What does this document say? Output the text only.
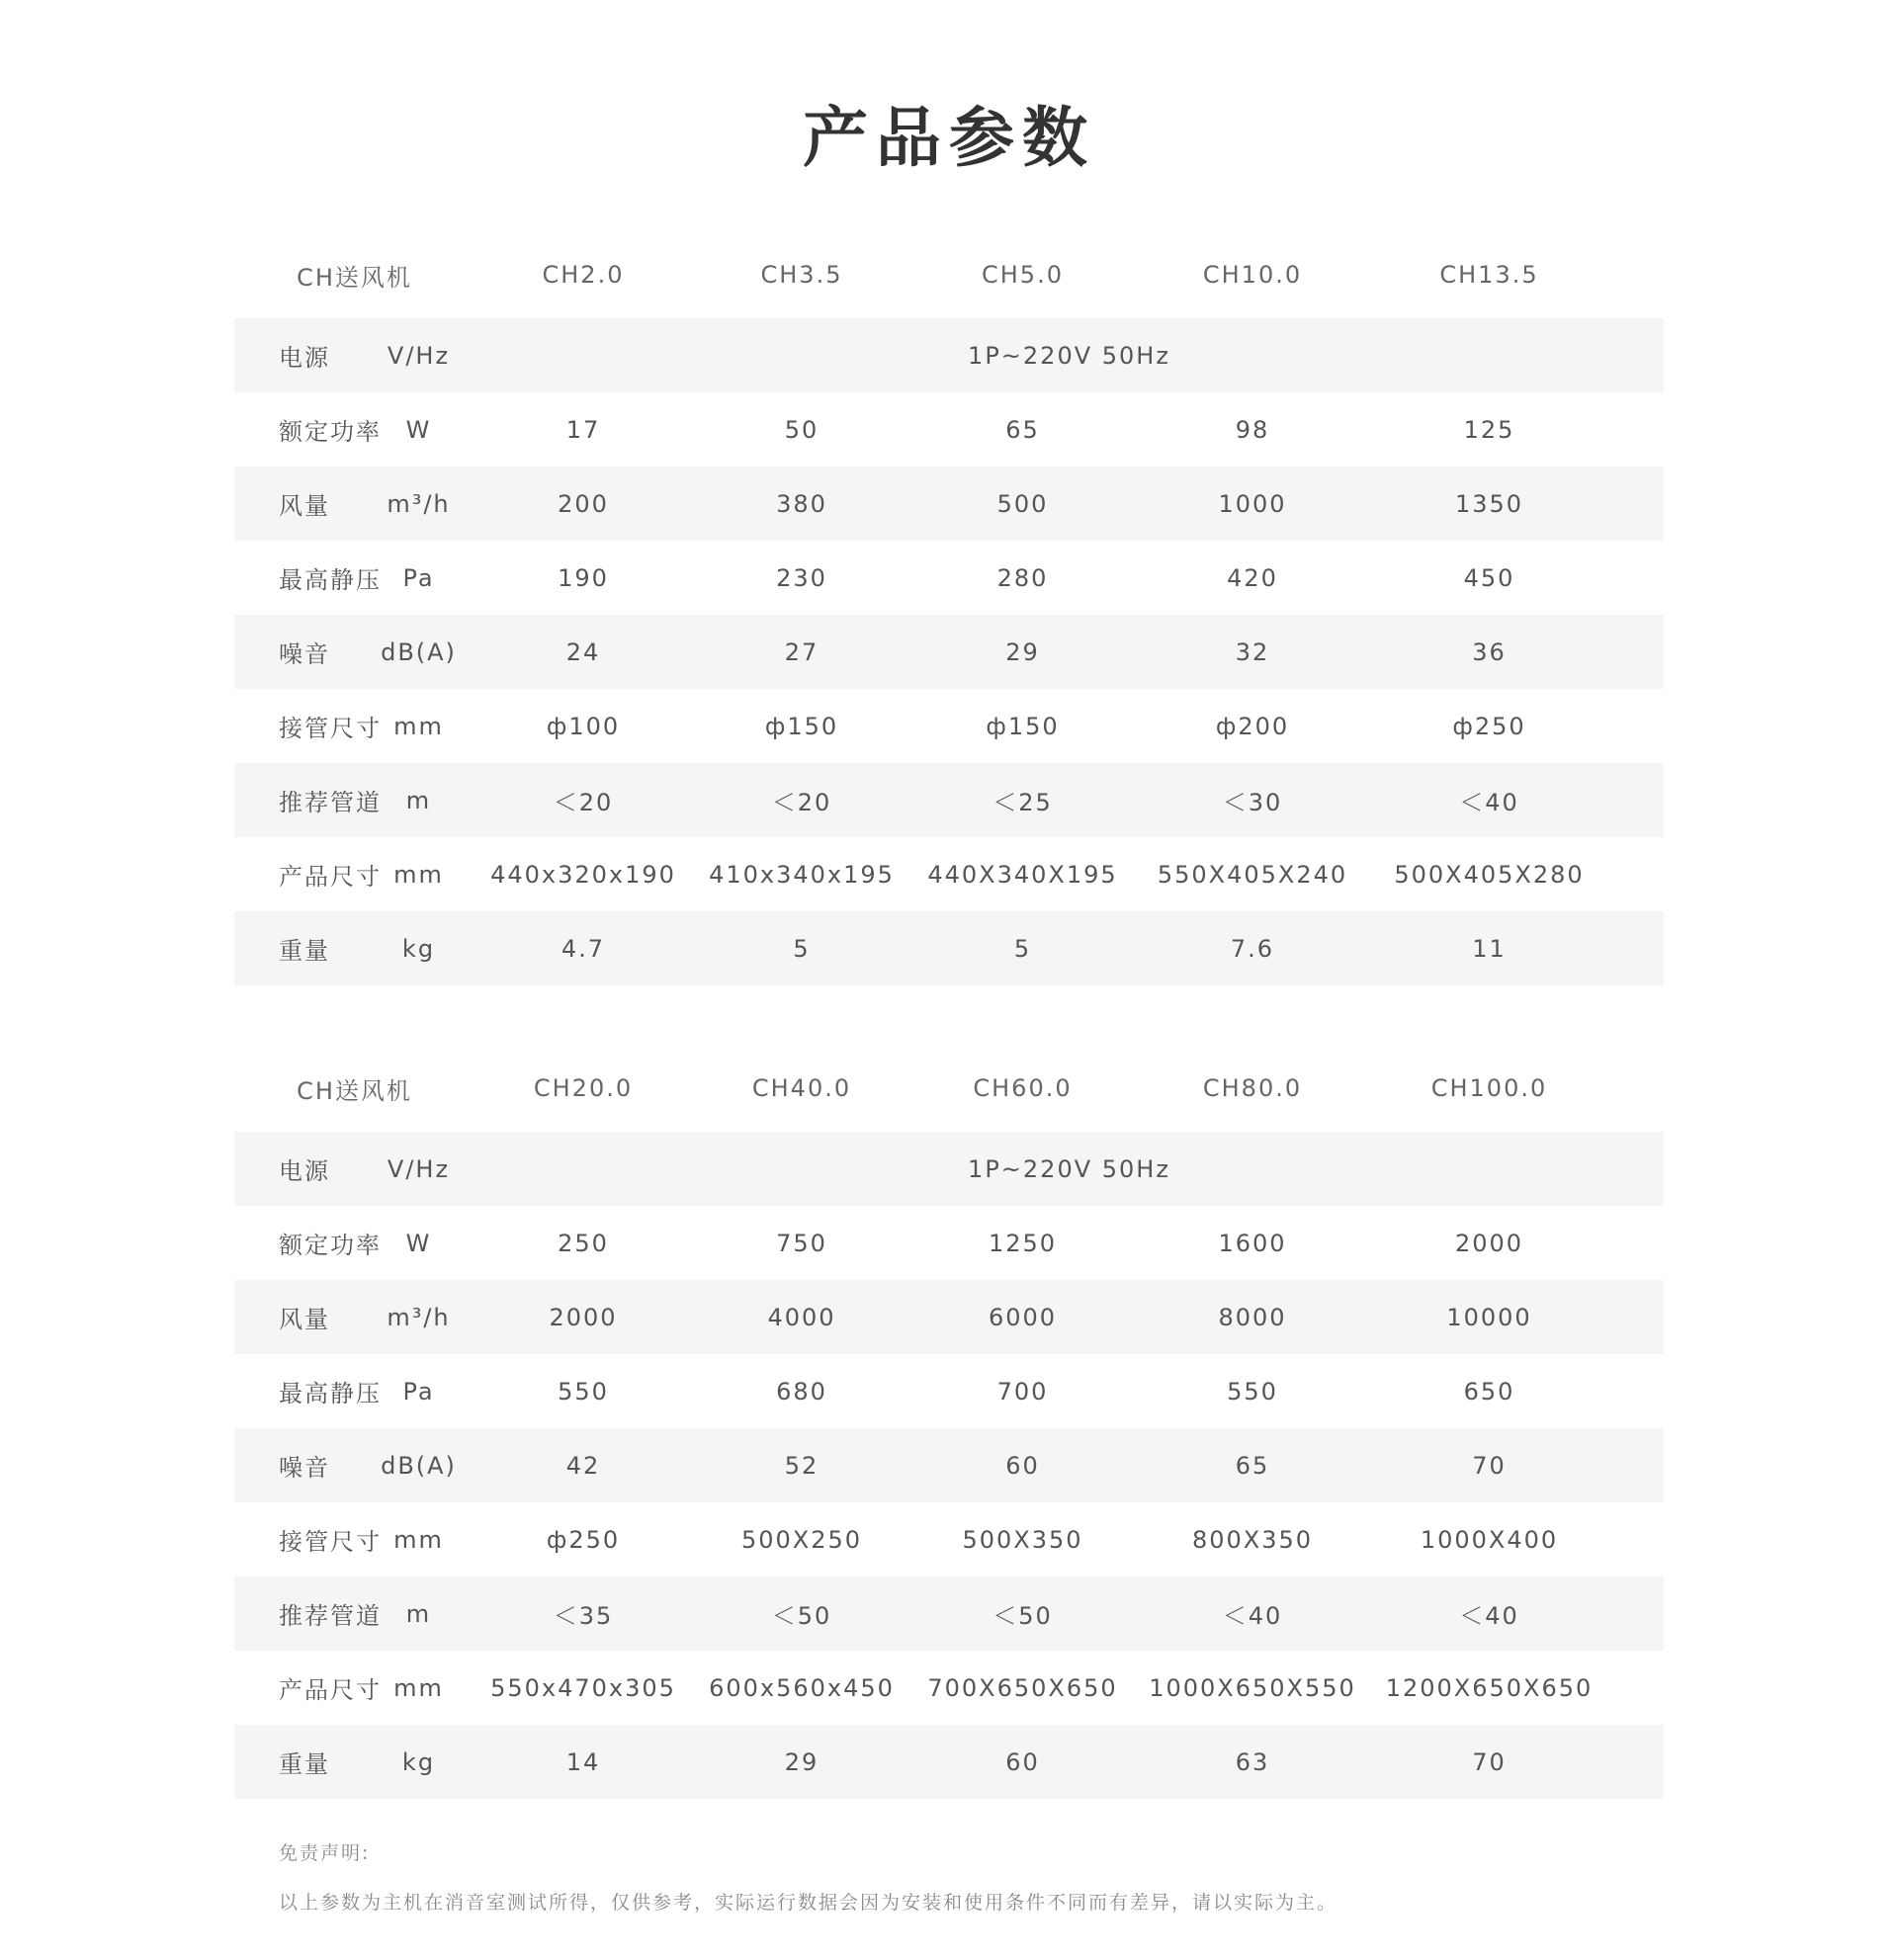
产品参数
CH送风机	CH2.0	CH3.5	CH5.0	CH10.0	CH13.5
电源	V/Hz	1P~220V 50Hz
额定功率	W	17	50	65	98	125
风量	m³/h	200	380	500	1000	1350
最高静压 Pa	190	230	280	420	450
噪音	dB(A)	24	27	29	32	36
接管尺寸 mm	ф100	ф150	ф150	ф200	ф250
推荐管道	m	＜20	＜20	＜25	＜30	＜40
产品尺寸 mm	440x320x190	410x340x195	440X340X195	550X405X240	500X405X280
重量	kg	4.7	5	5	7.6	11
CH送风机	CH20.0	CH40.0	CH60.0	CH80.0	CH100.0
电源	V/Hz	1P~220V 50Hz
额定功率	W	250	750	1250	1600	2000
风量	m³/h	2000	4000	6000	8000	10000
最高静压 Pa	550	680	700	550	650
噪音	dB(A)	42	52	60	65	70
接管尺寸 mm	ф250	500X250	500X350	800X350	1000X400
推荐管道	m	＜35	＜50	＜50	＜40	＜40
产品尺寸 mm	550x470x305	600x560x450	700X650X650	1000X650X550	1200X650X650
重量	kg	14	29	60	63	70
免责声明:
以上参数为主机在消音室测试所得，仅供参考，实际运行数据会因为安装和使用条件不同而有差异，请以实际为主。
